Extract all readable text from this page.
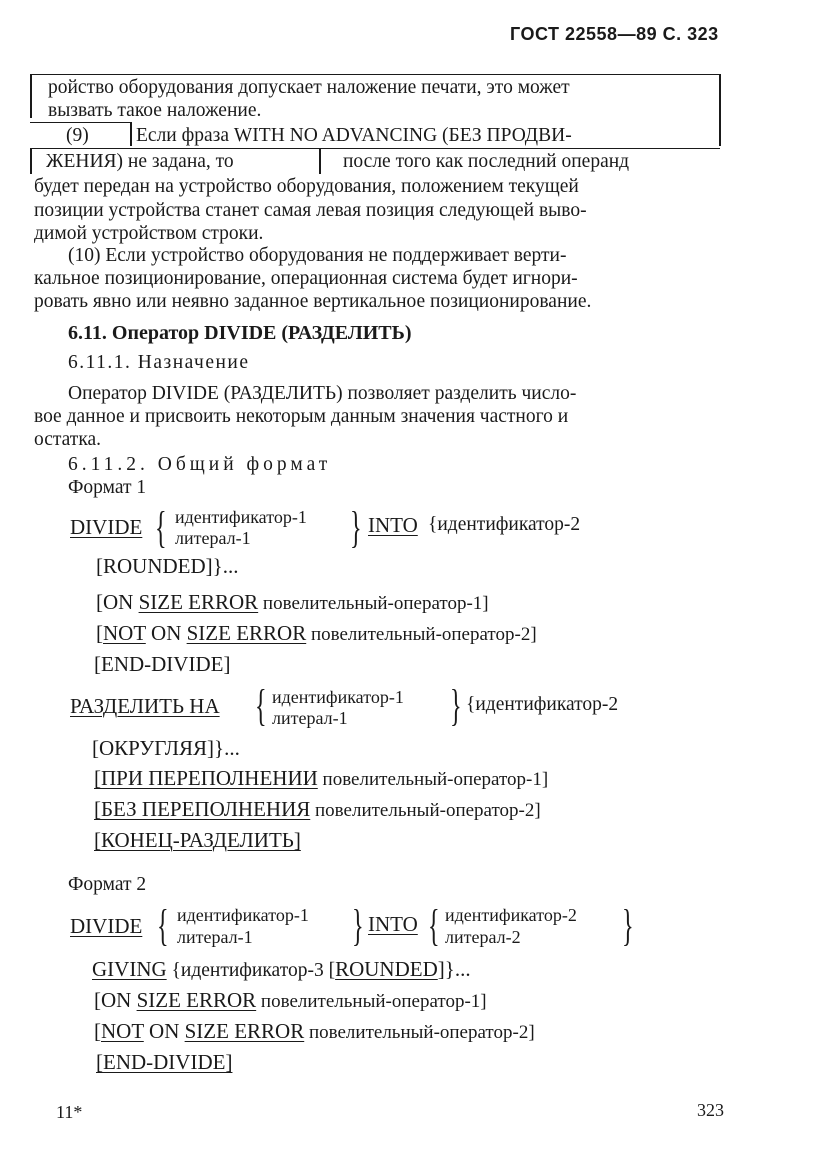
ГОСТ 22558—89 С. 323
ройство оборудования допускает наложение печати, это может
вызвать такое наложение.
(9) Если фраза WITH NO ADVANCING (БЕЗ ПРОДВИ-
ЖЕНИЯ) не задана, то	после того как последний операнд
будет передан на устройство оборудования, положением текущей
позиции устройства станет самая левая позиция следующей выво-
димой устройством строки.
(10) Если устройство оборудования не поддерживает верти-
кальное позиционирование, операционная система будет игнори-
ровать явно или неявно заданное вертикальное позиционирование.
6.11. Оператор DIVIDE (РАЗДЕЛИТЬ)
6.11.1. Назначение
Оператор DIVIDE (РАЗДЕЛИТЬ) позволяет разделить число-
вое данное и присвоить некоторым данным значения частного и
остатка.
6.11.2. Общий формат
Формат 1
DIVIDE { идентификатор-1
литерал-1 } INTO {идентификатор-2
[ROUNDED]}...
[ON SIZE ERROR повелительный-оператор-1]
[NOT ON SIZE ERROR повелительный-оператор-2]
[END-DIVIDE]
РАЗДЕЛИТЬ НА { идентификатор-1
литерал-1 } {идентификатор-2
[ОКРУГЛЯЯ]}...
[ПРИ ПЕРЕПОЛНЕНИИ повелительный-оператор-1]
[БЕЗ ПЕРЕПОЛНЕНИЯ повелительный-оператор-2]
[КОНЕЦ-РАЗДЕЛИТЬ]
Формат 2
DIVIDE { идентификатор-1
литерал-1 } INTO { идентификатор-2
литерал-2 }
GIVING {идентификатор-3 [ROUNDED]}...
[ON SIZE ERROR повелительный-оператор-1]
[NOT ON SIZE ERROR повелительный-оператор-2]
[END-DIVIDE]
11*	323
